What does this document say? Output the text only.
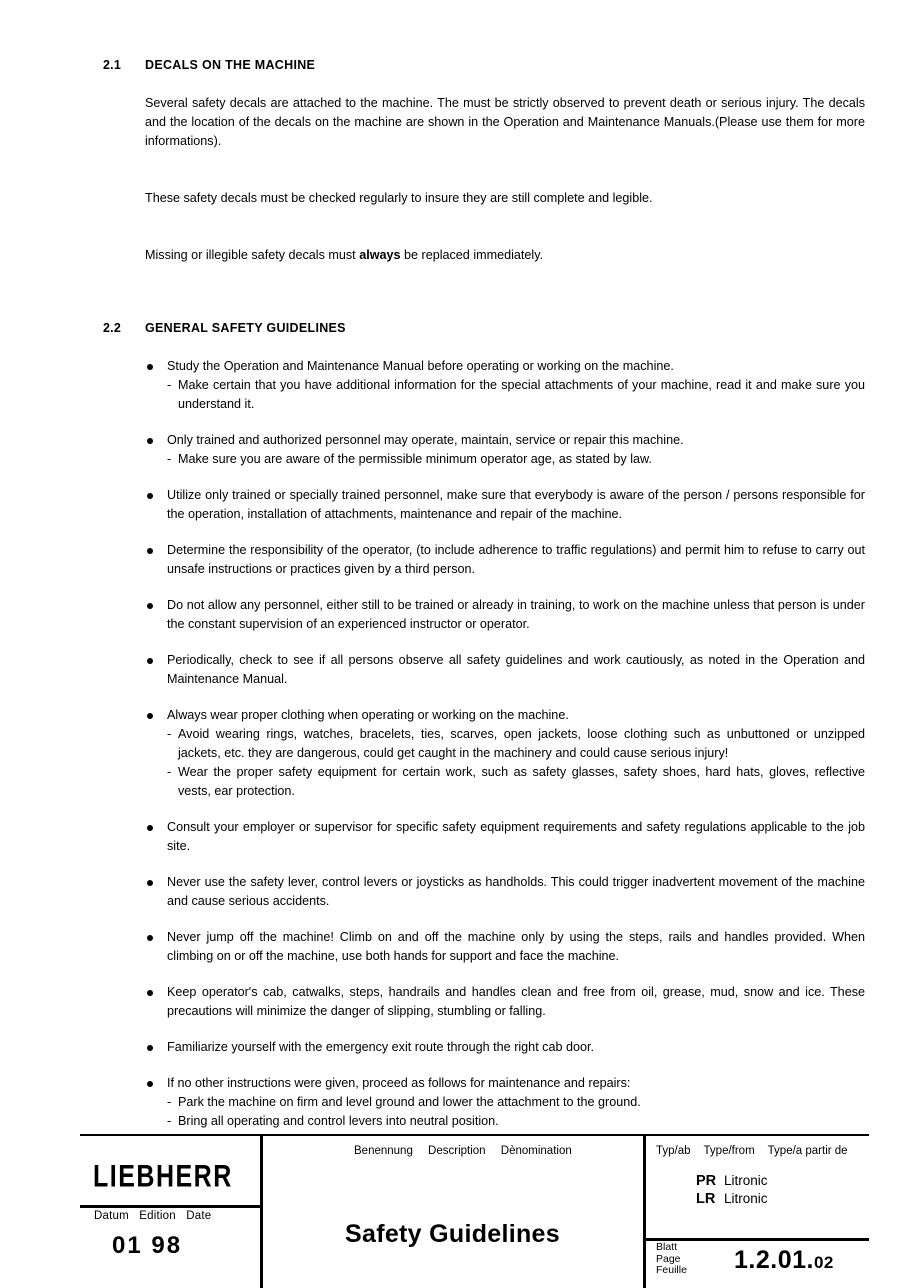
2.1	DECALS ON THE MACHINE
Several safety decals are attached to the machine. The must be strictly observed to prevent death or serious injury. The decals and the location of the decals on the machine are shown in the Operation and Maintenance Manuals.(Please use them for more informations).
These safety decals must be checked regularly to insure they are still complete and legible.
Missing or illegible safety decals must always be replaced immediately.
2.2	GENERAL SAFETY GUIDELINES
Study the Operation and Maintenance Manual before operating or working on the machine.
- Make certain that you have additional information for the special attachments of your machine, read it and make sure you understand it.
Only trained and authorized personnel may operate, maintain, service or repair this machine.
- Make sure you are aware of the permissible minimum operator age, as stated by law.
Utilize only trained or specially trained personnel, make sure that everybody is aware of the person / persons responsible for the operation, installation of attachments, maintenance and repair of the machine.
Determine the responsibility of the operator, (to include adherence to traffic regulations) and permit him to refuse to carry out unsafe instructions or practices given by a third person.
Do not allow any personnel, either still to be trained or already in training, to work on the machine unless that person is under the constant supervision of an experienced instructor or operator.
Periodically, check to see if all persons observe all safety guidelines and work cautiously, as noted in the Operation and Maintenance Manual.
Always wear proper clothing when operating or working on the machine.
- Avoid wearing rings, watches, bracelets, ties, scarves, open jackets, loose clothing such as unbuttoned or unzipped jackets, etc. they are dangerous, could get caught in the machinery and could cause serious injury!
- Wear the proper safety equipment for certain work, such as safety glasses, safety shoes, hard hats, gloves, reflective vests, ear protection.
Consult your employer or supervisor for specific safety equipment requirements and safety regulations applicable to the job site.
Never use the safety lever, control levers or joysticks as handholds. This could trigger inadvertent movement of the machine and cause serious accidents.
Never jump off the machine! Climb on and off the machine only by using the steps, rails and handles provided. When climbing on or off the machine, use both hands for support and face the machine.
Keep operator's cab, catwalks, steps, handrails and handles clean and free from oil, grease, mud, snow and ice. These precautions will minimize the danger of slipping, stumbling or falling.
Familiarize yourself with the emergency exit route through the right cab door.
If no other instructions were given, proceed as follows for maintenance and repairs:
- Park the machine on firm and level ground and lower the attachment to the ground.
- Bring all operating and control levers into neutral position.
LIEBHERR
Datum Edition Date
01 98
Benennung Description Dènomination
Safety Guidelines
Typ/ab Type/from Type/a partir de
PR Litronic
LR Litronic
Blatt
Page
Feuille 1.2.01.02
